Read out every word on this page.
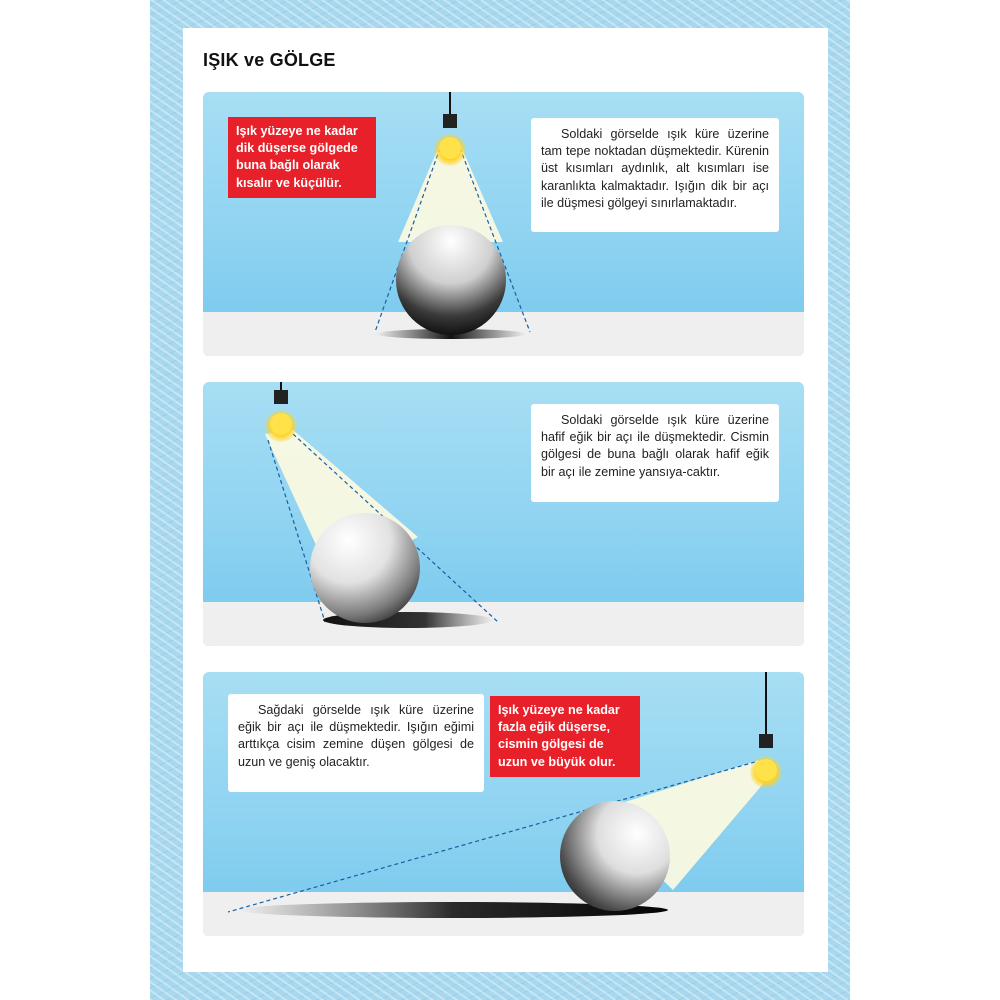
IŞIK ve GÖLGE
Işık yüzeye ne kadar
dik düşerse gölgede
buna bağlı olarak
kısalır ve küçülür.
Soldaki görselde ışık küre üzerine tam tepe noktadan düşmektedir. Kürenin üst kısımları aydınlık, alt kısımları ise karanlıkta kalmaktadır. Işığın dik bir açı ile düşmesi gölgeyi sınırlamaktadır.
Soldaki görselde ışık küre üzerine hafif eğik bir açı ile düşmektedir. Cismin gölgesi de buna bağlı olarak hafif eğik bir açı ile zemine yansıya-caktır.
Sağdaki görselde ışık küre üzerine eğik bir açı ile düşmektedir. Işığın eğimi arttıkça cisim zemine düşen gölgesi de uzun ve geniş olacaktır.
Işık yüzeye ne kadar
fazla eğik düşerse,
cismin gölgesi de
uzun ve büyük olur.
